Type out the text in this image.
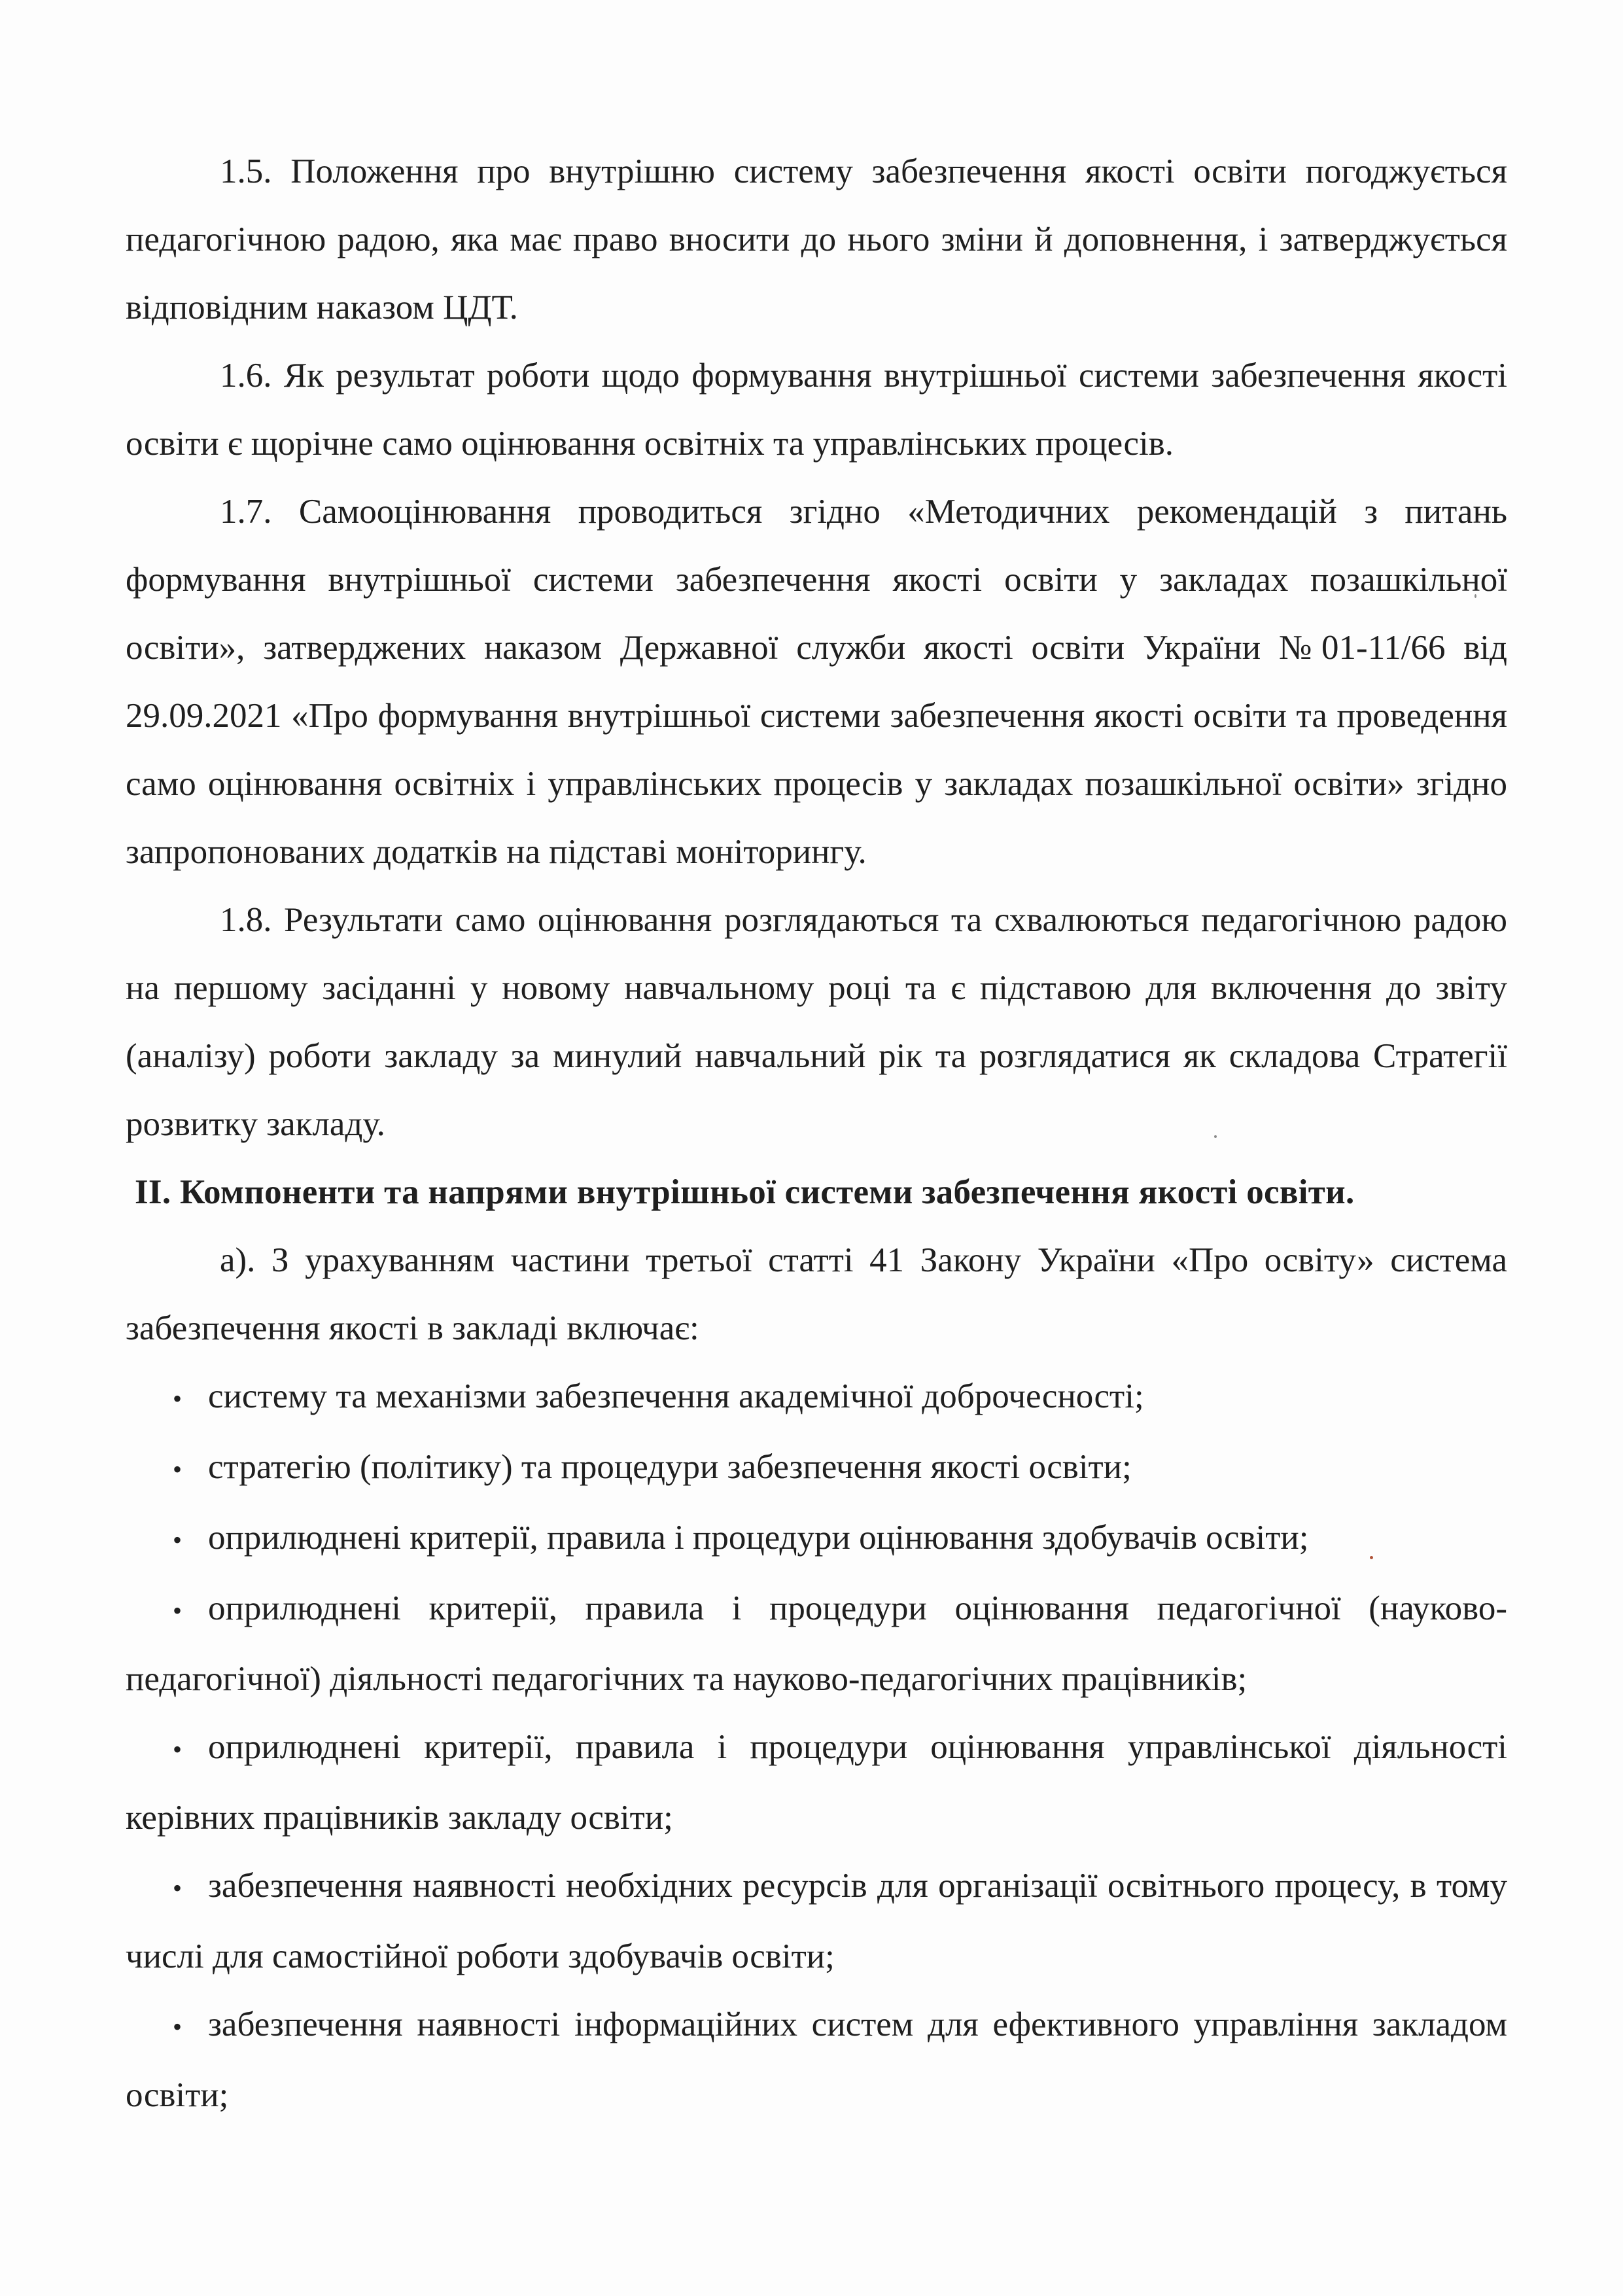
1.5. Положення про внутрішню систему забезпечення якості освіти погоджується педагогічною радою, яка має право вносити до нього зміни й доповнення, і затверджується відповідним наказом ЦДТ.

1.6. Як результат роботи щодо формування внутрішньої системи забезпечення якості освіти є щорічне само оцінювання освітніх та управлінських процесів.

1.7. Самооцінювання проводиться згідно «Методичних рекомендацій з питань формування внутрішньої системи забезпечення якості освіти у закладах позашкільної освіти», затверджених наказом Державної служби якості освіти України №01-11/66 від 29.09.2021 «Про формування внутрішньої системи забезпечення якості освіти та проведення само оцінювання освітніх і управлінських процесів у закладах позашкільної освіти» згідно запропонованих додатків на підставі моніторингу.

1.8. Результати само оцінювання розглядаються та схвалюються педагогічною радою на першому засіданні у новому навчальному році та є підставою для включення до звіту (аналізу) роботи закладу за минулий навчальний рік та розглядатися як складова Стратегії розвитку закладу.

ІІ. Компоненти та напрями внутрішньої системи забезпечення якості освіти.

а). З урахуванням частини третьої статті 41 Закону України «Про освіту» система забезпечення якості в закладі включає:

• систему та механізми забезпечення академічної доброчесності;
• стратегію (політику) та процедури забезпечення якості освіти;
• оприлюднені критерії, правила і процедури оцінювання здобувачів освіти;
• оприлюднені критерії, правила і процедури оцінювання педагогічної (науково-педагогічної) діяльності педагогічних та науково-педагогічних працівників;
• оприлюднені критерії, правила і процедури оцінювання управлінської діяльності керівних працівників закладу освіти;
• забезпечення наявності необхідних ресурсів для організації освітнього процесу, в тому числі для самостійної роботи здобувачів освіти;
• забезпечення наявності інформаційних систем для ефективного управління закладом освіти;
